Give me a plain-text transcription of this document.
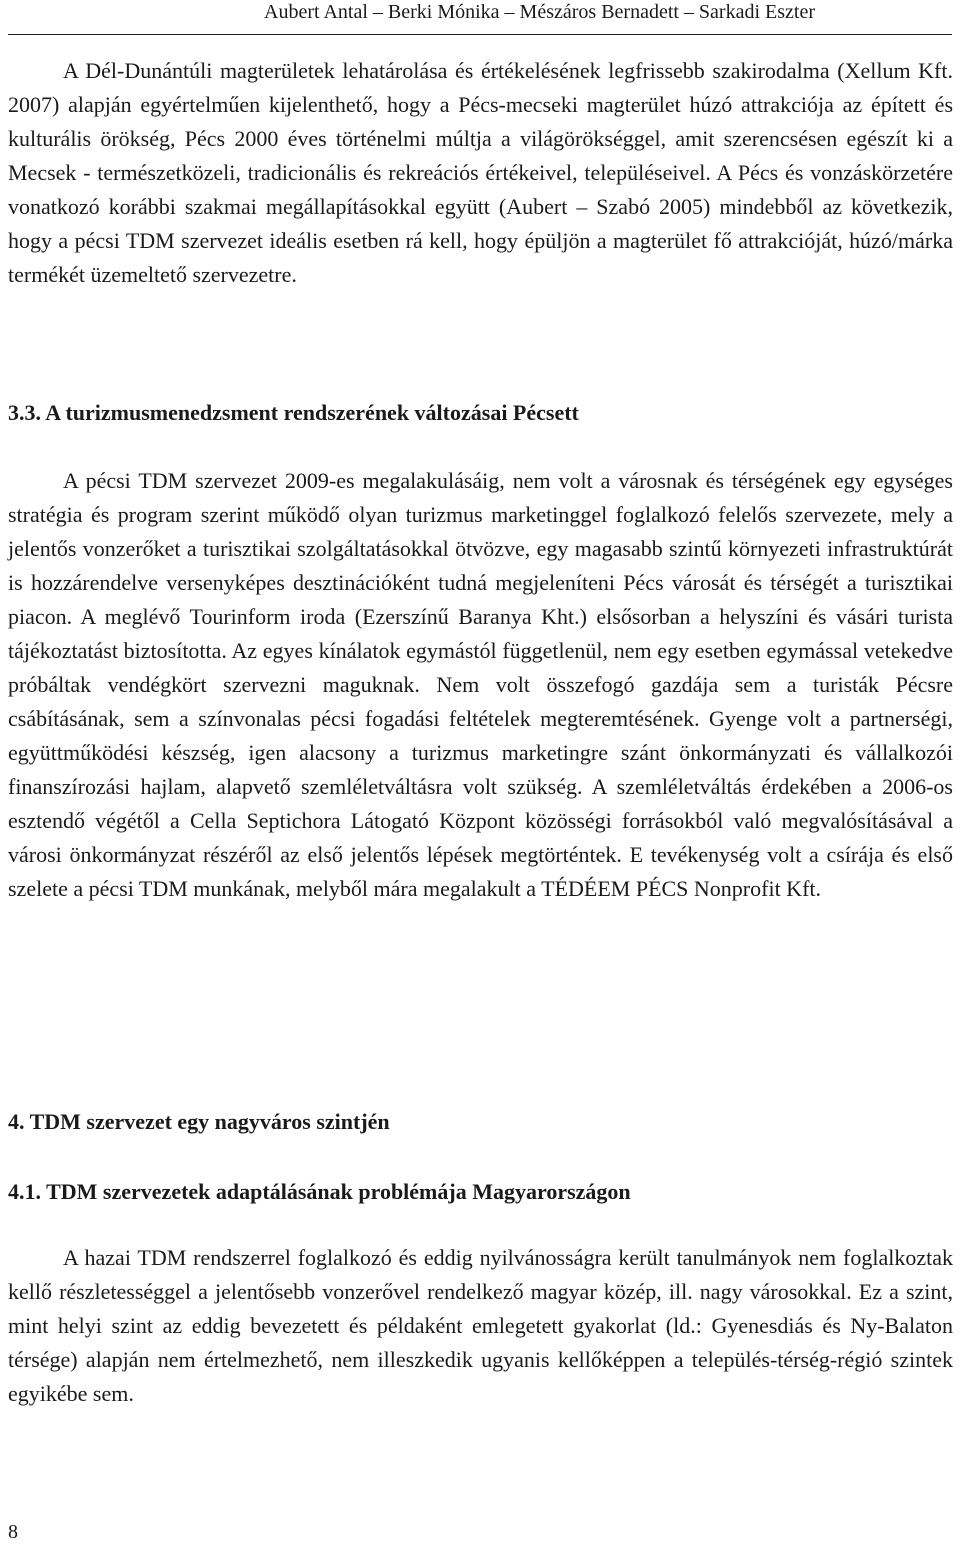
Aubert Antal – Berki Mónika – Mészáros Bernadett – Sarkadi Eszter

A Dél-Dunántúli magterületek lehatárolása és értékelésének legfrissebb szakirodalma (Xellum Kft. 2007) alapján egyértelműen kijelenthető, hogy a Pécs-mecseki magterület húzó attrakciója az épített és kulturális örökség, Pécs 2000 éves történelmi múltja a világörökséggel, amit szerencsésen egészít ki a Mecsek - természetközeli, tradicionális és rekreációs értékeivel, településeivel. A Pécs és vonzáskörzetére vonatkozó korábbi szakmai megállapításokkal együtt (Aubert – Szabó 2005) mindebből az következik, hogy a pécsi TDM szervezet ideális esetben rá kell, hogy épüljön a magterület fő attrakcióját, húzó/márka termékét üzemeltető szervezetre.

3.3. A turizmusmenedzsment rendszerének változásai Pécsett

A pécsi TDM szervezet 2009-es megalakulásáig, nem volt a városnak és térségének egy egységes stratégia és program szerint működő olyan turizmus marketinggel foglalkozó felelős szervezete, mely a jelentős vonzerőket a turisztikai szolgáltatásokkal ötvözve, egy magasabb szintű környezeti infrastruktúrát is hozzárendelve versenyképes desztinációként tudná megjeleníteni Pécs városát és térségét a turisztikai piacon. A meglévő Tourinform iroda (Ezerszínű Baranya Kht.) elsősorban a helyszíni és vásári turista tájékoztatást biztosította. Az egyes kínálatok egymástól függetlenül, nem egy esetben egymással vetekedve próbáltak vendégkört szervezni maguknak. Nem volt összefogó gazdája sem a turisták Pécsre csábításának, sem a színvonalas pécsi fogadási feltételek megteremtésének. Gyenge volt a partnerségi, együttműködési készség, igen alacsony a turizmus marketingre szánt önkormányzati és vállalkozói finanszírozási hajlam, alapvető szemléletváltásra volt szükség. A szemléletváltás érdekében a 2006-os esztendő végétől a Cella Septichora Látogató Központ közösségi forrásokból való megvalósításával a városi önkormányzat részéről az első jelentős lépések megtörténtek. E tevékenység volt a csírája és első szelete a pécsi TDM munkának, melyből mára megalakult a TÉDÉEM PÉCS Nonprofit Kft.

4. TDM szervezet egy nagyváros szintjén
4.1. TDM szervezetek adaptálásának problémája Magyarországon

A hazai TDM rendszerrel foglalkozó és eddig nyilvánosságra került tanulmányok nem foglalkoztak kellő részletességgel a jelentősebb vonzerővel rendelkező magyar közép, ill. nagy városokkal. Ez a szint, mint helyi szint az eddig bevezetett és példaként emlegetett gyakorlat (ld.: Gyenesdiás és Ny-Balaton térsége) alapján nem értelmezhető, nem illeszkedik ugyanis kellőképpen a település-térség-régió szintek egyikébe sem.

8
